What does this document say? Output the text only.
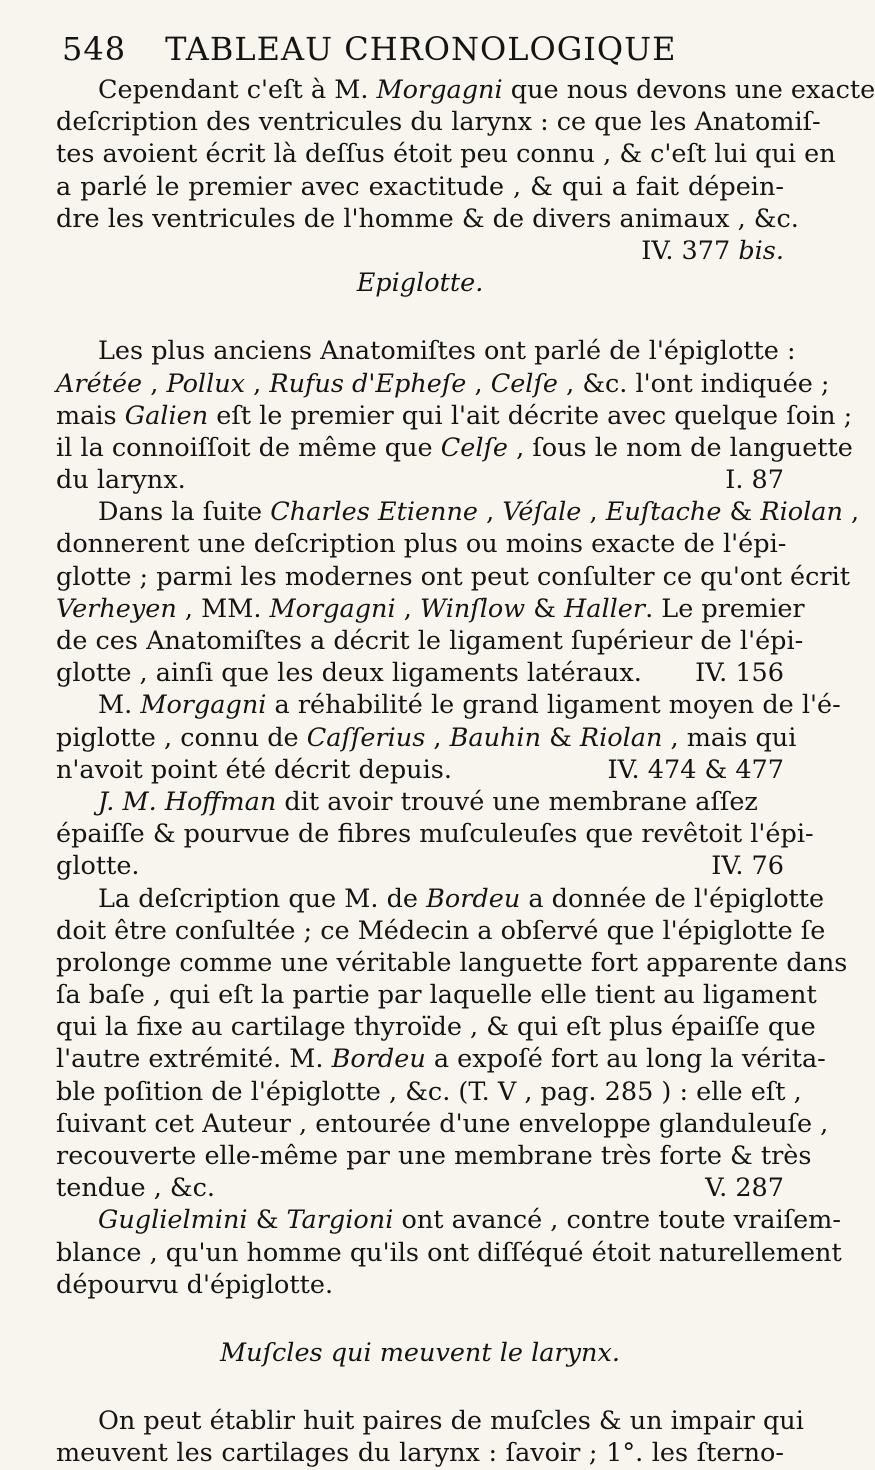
548 TABLEAU CHRONOLOGIQUE
Cependant c'eſt à M. Morgagni que nous devons une exacte
deſcription des ventricules du larynx : ce que les Anatomiſ-
tes avoient écrit là deſſus étoit peu connu , & c'eſt lui qui en
a parlé le premier avec exactitude , & qui a fait dépein-
dre les ventricules de l'homme & de divers animaux , &c.
IV. 377 bis.
Epiglotte.
Les plus anciens Anatomiſtes ont parlé de l'épiglotte :
Arétée , Pollux , Rufus d'Epheſe , Celſe , &c. l'ont indiquée ;
mais Galien eſt le premier qui l'ait décrite avec quelque ſoin ;
il la connoiſſoit de même que Celſe , ſous le nom de languette
I. 87
du larynx.
Dans la ſuite Charles Etienne , Véſale , Euſtache & Riolan ,
donnerent une deſcription plus ou moins exacte de l'épi-
glotte ; parmi les modernes ont peut conſulter ce qu'ont écrit
Verheyen , MM. Morgagni , Winſlow & Haller. Le premier
de ces Anatomiſtes a décrit le ligament ſupérieur de l'épi-
IV. 156
glotte , ainſi que les deux ligaments latéraux.
M. Morgagni a réhabilité le grand ligament moyen de l'é-
piglotte , connu de Caſſerius , Bauhin & Riolan , mais qui
IV. 474 & 477
n'avoit point été décrit depuis.
J. M. Hoffman dit avoir trouvé une membrane aſſez
épaiſſe & pourvue de fibres muſculeuſes que revêtoit l'épi-
IV. 76
glotte.
La deſcription que M. de Bordeu a donnée de l'épiglotte
doit être conſultée ; ce Médecin a obſervé que l'épiglotte ſe
prolonge comme une véritable languette fort apparente dans
ſa baſe , qui eſt la partie par laquelle elle tient au ligament
qui la fixe au cartilage thyroïde , & qui eſt plus épaiſſe que
l'autre extrémité. M. Bordeu a expoſé fort au long la vérita-
ble poſition de l'épiglotte , &c. (T. V , pag. 285 ) : elle eſt ,
ſuivant cet Auteur , entourée d'une enveloppe glanduleuſe ,
recouverte elle-même par une membrane très forte & très
V. 287
tendue , &c.
Guglielmini & Targioni ont avancé , contre toute vraiſem-
blance , qu'un homme qu'ils ont diſſéqué étoit naturellement
dépourvu d'épiglotte.
Muſcles qui meuvent le larynx.
On peut établir huit paires de muſcles & un impair qui
meuvent les cartilages du larynx : ſavoir ; 1°. les ſterno-
